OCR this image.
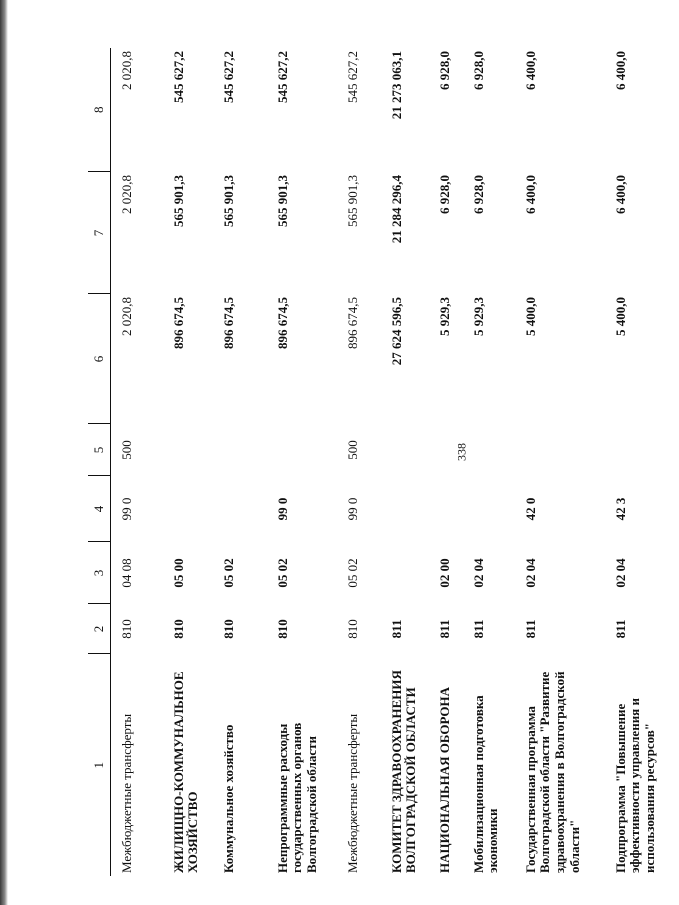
338
1	2	3	4	5	6	7	8
Межбюджетные трансферты	810	04 08	99 0	500	2 020,8	2 020,8	2 020,8
ЖИЛИЩНО-КОММУНАЛЬНОЕ ХОЗЯЙСТВО	810	05 00			896 674,5	565 901,3	545 627,2
Коммунальное хозяйство	810	05 02			896 674,5	565 901,3	545 627,2
Непрограммные расходы государственных органов Волгоградской области	810	05 02	99 0		896 674,5	565 901,3	545 627,2
Межбюджетные трансферты	810	05 02	99 0	500	896 674,5	565 901,3	545 627,2
КОМИТЕТ ЗДРАВООХРАНЕНИЯ ВОЛГОГРАДСКОЙ ОБЛАСТИ	811				27 624 596,5	21 284 296,4	21 273 063,1
НАЦИОНАЛЬНАЯ ОБОРОНА	811	02 00			5 929,3	6 928,0	6 928,0
Мобилизационная подготовка экономики	811	02 04			5 929,3	6 928,0	6 928,0
Государственная программа Волгоградской области "Развитие здравоохранения в Волгоградской области"	811	02 04	42 0		5 400,0	6 400,0	6 400,0
Подпрограмма "Повышение эффективности управления и использования ресурсов"	811	02 04	42 3		5 400,0	6 400,0	6 400,0
